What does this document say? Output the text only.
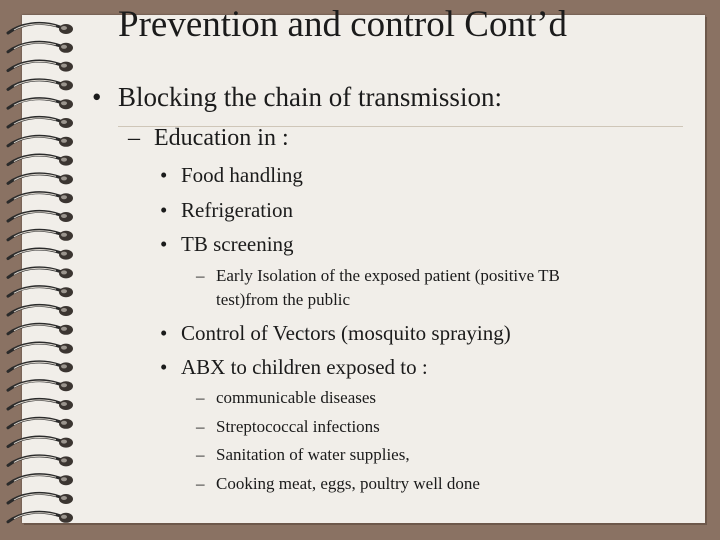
Prevention and control Cont’d
• Blocking the chain of transmission:
– Education in :
• Food handling
• Refrigeration
• TB screening
– Early Isolation of the exposed patient (positive TB
test)from the public
• Control of Vectors (mosquito spraying)
• ABX to children exposed to :
– communicable diseases
– Streptococcal infections
– Sanitation of water supplies,
– Cooking meat, eggs, poultry well done
